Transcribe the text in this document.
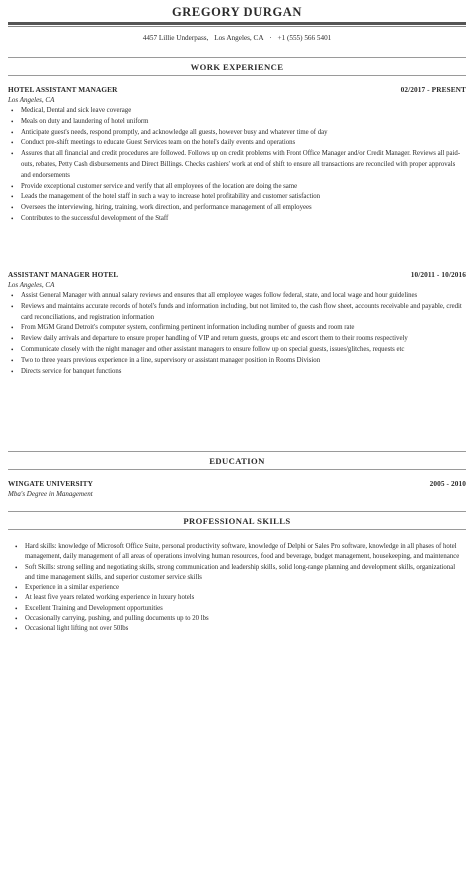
GREGORY DURGAN
4457 Lillie Underpass, Los Angeles, CA · +1 (555) 566 5401
WORK EXPERIENCE
HOTEL ASSISTANT MANAGER	02/2017 - PRESENT
Los Angeles, CA
• Medical, Dental and sick leave coverage
• Meals on duty and laundering of hotel uniform
• Anticipate guest's needs, respond promptly, and acknowledge all guests, however busy and whatever time of day
• Conduct pre-shift meetings to educate Guest Services team on the hotel's daily events and operations
• Assures that all financial and credit procedures are followed. Follows up on credit problems with Front Office Manager and/or Credit Manager. Reviews all paid-outs, rebates, Petty Cash disbursements and Direct Billings. Checks cashiers' work at end of shift to ensure all transactions are reconciled with proper approvals and endorsements
• Provide exceptional customer service and verify that all employees of the location are doing the same
• Leads the management of the hotel staff in such a way to increase hotel profitability and customer satisfaction
• Oversees the interviewing, hiring, training, work direction, and performance management of all employees
• Contributes to the successful development of the Staff
ASSISTANT MANAGER HOTEL	10/2011 - 10/2016
Los Angeles, CA
• Assist General Manager with annual salary reviews and ensures that all employee wages follow federal, state, and local wage and hour guidelines
• Reviews and maintains accurate records of hotel's funds and information including, but not limited to, the cash flow sheet, accounts receivable and payable, credit card reconciliations, and registration information
• From MGM Grand Detroit's computer system, confirming pertinent information including number of guests and room rate
• Review daily arrivals and departure to ensure proper handling of VIP and return guests, groups etc and escort them to their rooms respectively
• Communicate closely with the night manager and other assistant managers to ensure follow up on special guests, issues/glitches, requests etc
• Two to three years previous experience in a line, supervisory or assistant manager position in Rooms Division
• Directs service for banquet functions
EDUCATION
WINGATE UNIVERSITY	2005 - 2010
Mba's Degree in Management
PROFESSIONAL SKILLS
• Hard skills: knowledge of Microsoft Office Suite, personal productivity software, knowledge of Delphi or Sales Pro software, knowledge in all phases of hotel management, daily management of all areas of operations involving human resources, food and beverage, budget management, housekeeping, and maintenance
• Soft Skills: strong selling and negotiating skills, strong communication and leadership skills, solid long-range planning and development skills, organizational and time management skills, and superior customer service skills
• Experience in a similar experience
• At least five years related working experience in luxury hotels
• Excellent Training and Development opportunities
• Occasionally carrying, pushing, and pulling documents up to 20 lbs
• Occasional light lifting not over 50lbs
